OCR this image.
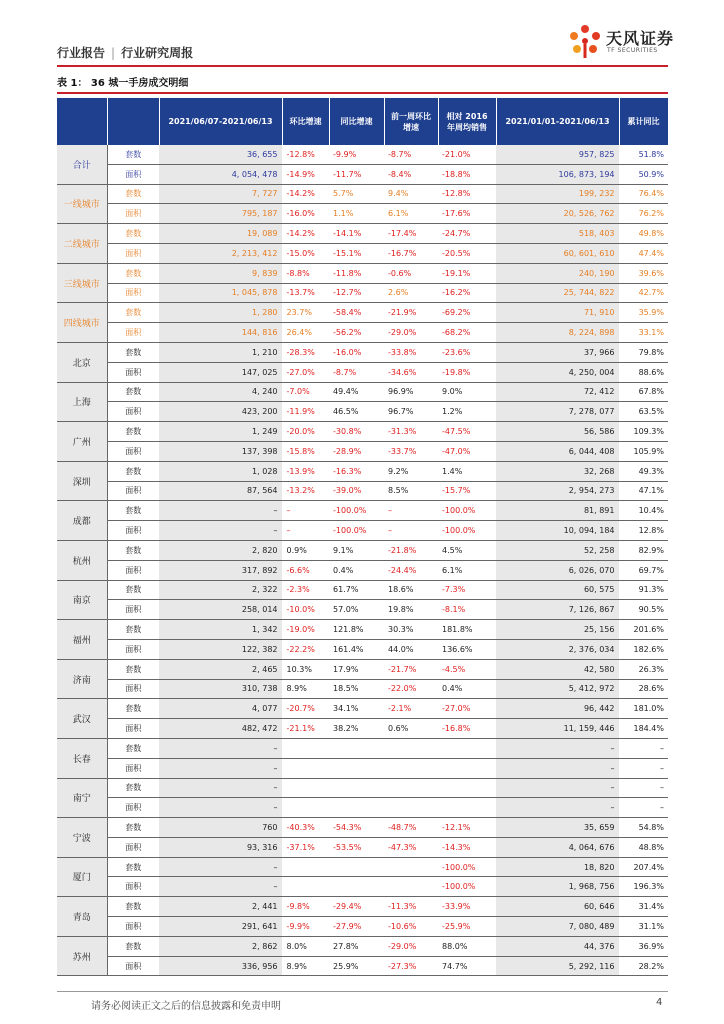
行业报告 | 行业研究周报
天风证券
TF SECURITIES
表 1： 36 城一手房成交明细
		2021/06/07-2021/06/13	环比增速	同比增速	前一周环比增速	相对 2016 年周均销售	2021/01/01-2021/06/13	累计同比
合计	套数	36, 655	-12.8%	-9.9%	-8.7%	-21.0%	957, 825	51.8%
	面积	4, 054, 478	-14.9%	-11.7%	-8.4%	-18.8%	106, 873, 194	50.9%
一线城市	套数	7, 727	-14.2%	5.7%	9.4%	-12.8%	199, 232	76.4%
	面积	795, 187	-16.0%	1.1%	6.1%	-17.6%	20, 526, 762	76.2%
二线城市	套数	19, 089	-14.2%	-14.1%	-17.4%	-24.7%	518, 403	49.8%
	面积	2, 213, 412	-15.0%	-15.1%	-16.7%	-20.5%	60, 601, 610	47.4%
三线城市	套数	9, 839	-8.8%	-11.8%	-0.6%	-19.1%	240, 190	39.6%
	面积	1, 045, 878	-13.7%	-12.7%	2.6%	-16.2%	25, 744, 822	42.7%
四线城市	套数	1, 280	23.7%	-58.4%	-21.9%	-69.2%	71, 910	35.9%
	面积	144, 816	26.4%	-56.2%	-29.0%	-68.2%	8, 224, 898	33.1%
北京	套数	1, 210	-28.3%	-16.0%	-33.8%	-23.6%	37, 966	79.8%
	面积	147, 025	-27.0%	-8.7%	-34.6%	-19.8%	4, 250, 004	88.6%
上海	套数	4, 240	-7.0%	49.4%	96.9%	9.0%	72, 412	67.8%
	面积	423, 200	-11.9%	46.5%	96.7%	1.2%	7, 278, 077	63.5%
广州	套数	1, 249	-20.0%	-30.8%	-31.3%	-47.5%	56, 586	109.3%
	面积	137, 398	-15.8%	-28.9%	-33.7%	-47.0%	6, 044, 408	105.9%
深圳	套数	1, 028	-13.9%	-16.3%	9.2%	1.4%	32, 268	49.3%
	面积	87, 564	-13.2%	-39.0%	8.5%	-15.7%	2, 954, 273	47.1%
成都	套数	–	–	-100.0%	–	-100.0%	81, 891	10.4%
	面积	–	–	-100.0%	–	-100.0%	10, 094, 184	12.8%
杭州	套数	2, 820	0.9%	9.1%	-21.8%	4.5%	52, 258	82.9%
	面积	317, 892	-6.6%	0.4%	-24.4%	6.1%	6, 026, 070	69.7%
南京	套数	2, 322	-2.3%	61.7%	18.6%	-7.3%	60, 575	91.3%
	面积	258, 014	-10.0%	57.0%	19.8%	-8.1%	7, 126, 867	90.5%
福州	套数	1, 342	-19.0%	121.8%	30.3%	181.8%	25, 156	201.6%
	面积	122, 382	-22.2%	161.4%	44.0%	136.6%	2, 376, 034	182.6%
济南	套数	2, 465	10.3%	17.9%	-21.7%	-4.5%	42, 580	26.3%
	面积	310, 738	8.9%	18.5%	-22.0%	0.4%	5, 412, 972	28.6%
武汉	套数	4, 077	-20.7%	34.1%	-2.1%	-27.0%	96, 442	181.0%
	面积	482, 472	-21.1%	38.2%	0.6%	-16.8%	11, 159, 446	184.4%
长春	套数	–					–	–
	面积	–					–	–
南宁	套数	–					–	–
	面积	–					–	–
宁波	套数	760	-40.3%	-54.3%	-48.7%	-12.1%	35, 659	54.8%
	面积	93, 316	-37.1%	-53.5%	-47.3%	-14.3%	4, 064, 676	48.8%
厦门	套数	–				-100.0%	18, 820	207.4%
	面积	–				-100.0%	1, 968, 756	196.3%
青岛	套数	2, 441	-9.8%	-29.4%	-11.3%	-33.9%	60, 646	31.4%
	面积	291, 641	-9.9%	-27.9%	-10.6%	-25.9%	7, 080, 489	31.1%
苏州	套数	2, 862	8.0%	27.8%	-29.0%	88.0%	44, 376	36.9%
	面积	336, 956	8.9%	25.9%	-27.3%	74.7%	5, 292, 116	28.2%
请务必阅读正文之后的信息披露和免责申明	4
